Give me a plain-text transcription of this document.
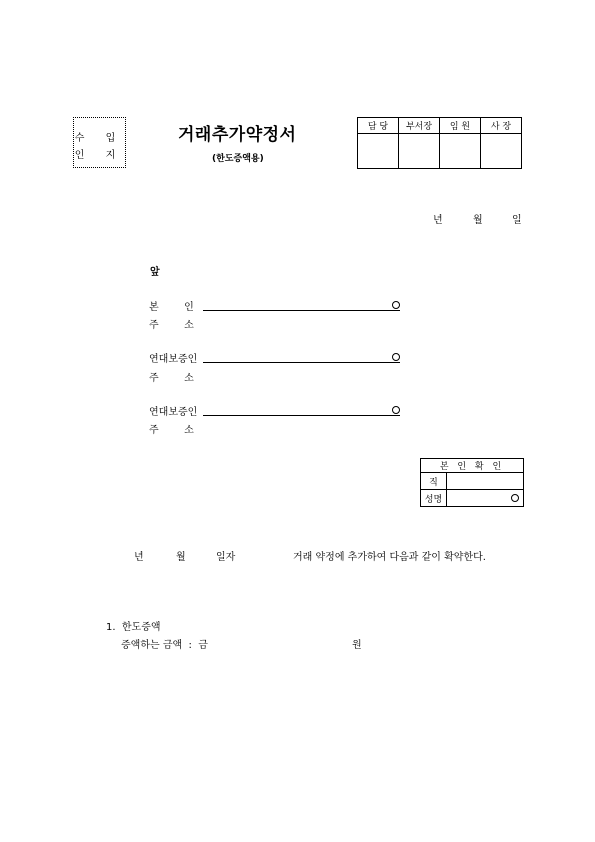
수 입
인 지
거래추가약정서
(한도증액용)
담 당	부서장	임 원	사 장

년	월	일
앞
본        인
주        소
연대보증인
주        소
연대보증인
주        소
본 인 확 인	
직	
성명	
년	월	일자	거래 약정에 추가하여 다음과 같이 확약한다.
1.  한도증액
증액하는 금액  :  금	원
